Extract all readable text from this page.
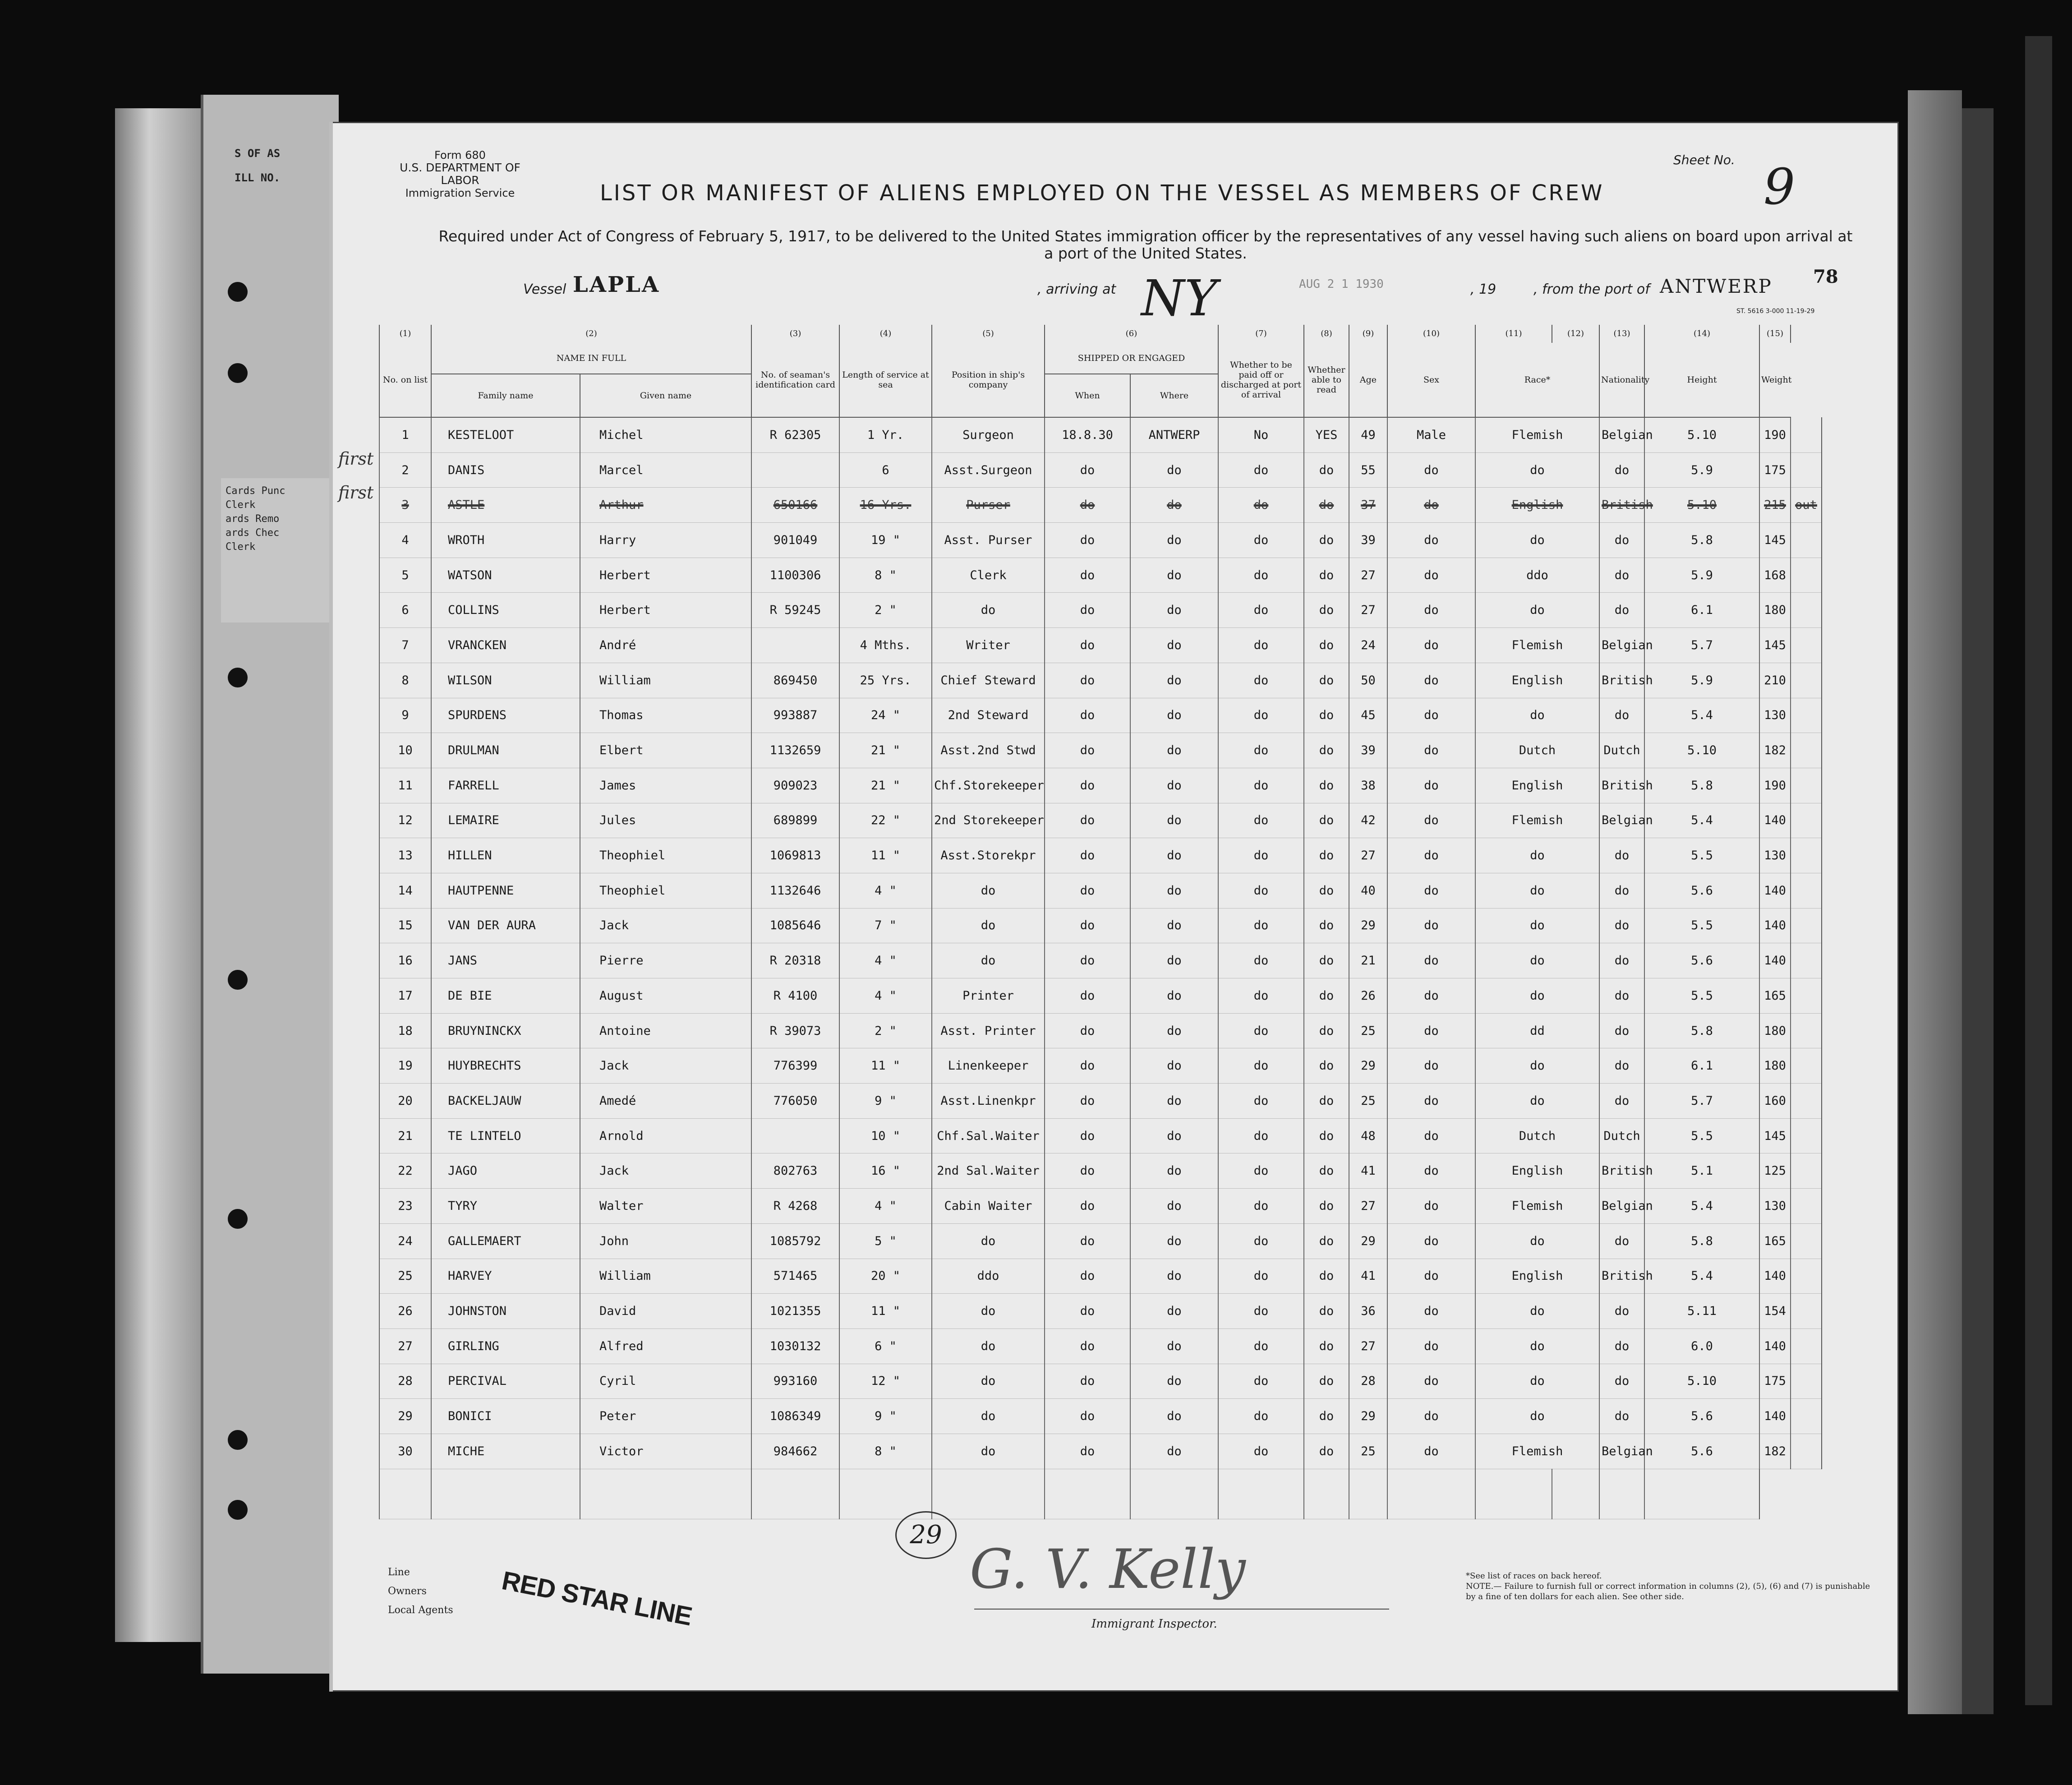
S OF AS
ILL NO.
Cards Punc
Clerk
ards Remo
ards Chec
Clerk
Form 680
U.S. DEPARTMENT OF LABOR
Immigration Service	LIST OR MANIFEST OF ALIENS EMPLOYED ON THE VESSEL AS MEMBERS OF CREW
Sheet No. 9
Required under Act of Congress of February 5, 1917, to be delivered to the United States immigration officer by the representatives of any vessel having such aliens on board upon arrival at a port of the United States.
Vessel LAPLA	, arriving at NY	AUG 2 1 1930	, 19	, from the port of ANTWERP 78
ST. 5616 3-000 11-19-29
(1)	(2)		(3)	(4)	(5)	(6)		(7)	(8)	(9)	(10)	(11)	(12)	(13)	(14)	(15)	
No. on list	NAME IN FULL		No. of seaman's identification card	Length of service at sea	Position in ship's company	SHIPPED OR ENGAGED		Whether to be paid off or discharged at port of arrival	Whether able to read	Age	Sex	Race*		Nationality	Height	Weight	
	Family name	Given name				When	Where										
1	KESTELOOT	Michel	R 62305	1 Yr.	Surgeon	18.8.30	ANTWERP	No	YES	49	Male	Flemish		Belgian	5.10	190	
2	DANIS	Marcel		6	Asst.Surgeon	do	do	do	do	55	do	do		do	5.9	175	
3	ASTLE	Arthur	650166	16 Yrs.	Purser	do	do	do	do	37	do	English		British	5.10	215	out
4	WROTH	Harry	901049	19 "	Asst. Purser	do	do	do	do	39	do	do		do	5.8	145	
5	WATSON	Herbert	1100306	8 "	Clerk	do	do	do	do	27	do	ddo		do	5.9	168	
6	COLLINS	Herbert	R 59245	2 "	do	do	do	do	do	27	do	do		do	6.1	180	
7	VRANCKEN	André		4 Mths.	Writer	do	do	do	do	24	do	Flemish		Belgian	5.7	145	
8	WILSON	William	869450	25 Yrs.	Chief Steward	do	do	do	do	50	do	English		British	5.9	210	
9	SPURDENS	Thomas	993887	24 "	2nd Steward	do	do	do	do	45	do	do		do	5.4	130	
10	DRULMAN	Elbert	1132659	21 "	Asst.2nd Stwd	do	do	do	do	39	do	Dutch		Dutch	5.10	182	
11	FARRELL	James	909023	21 "	Chf.Storekeeper	do	do	do	do	38	do	English		British	5.8	190	
12	LEMAIRE	Jules	689899	22 "	2nd Storekeeper	do	do	do	do	42	do	Flemish		Belgian	5.4	140	
13	HILLEN	Theophiel	1069813	11 "	Asst.Storekpr	do	do	do	do	27	do	do		do	5.5	130	
14	HAUTPENNE	Theophiel	1132646	4 "	do	do	do	do	do	40	do	do		do	5.6	140	
15	VAN DER AURA	Jack	1085646	7 "	do	do	do	do	do	29	do	do		do	5.5	140	
16	JANS	Pierre	R 20318	4 "	do	do	do	do	do	21	do	do		do	5.6	140	
17	DE BIE	August	R 4100	4 "	Printer	do	do	do	do	26	do	do		do	5.5	165	
18	BRUYNINCKX	Antoine	R 39073	2 "	Asst. Printer	do	do	do	do	25	do	dd		do	5.8	180	
19	HUYBRECHTS	Jack	776399	11 "	Linenkeeper	do	do	do	do	29	do	do		do	6.1	180	
20	BACKELJAUW	Amedé	776050	9 "	Asst.Linenkpr	do	do	do	do	25	do	do		do	5.7	160	
21	TE LINTELO	Arnold		10 "	Chf.Sal.Waiter	do	do	do	do	48	do	Dutch		Dutch	5.5	145	
22	JAGO	Jack	802763	16 "	2nd Sal.Waiter	do	do	do	do	41	do	English		British	5.1	125	
23	TYRY	Walter	R 4268	4 "	Cabin Waiter	do	do	do	do	27	do	Flemish		Belgian	5.4	130	
24	GALLEMAERT	John	1085792	5 "	do	do	do	do	do	29	do	do		do	5.8	165	
25	HARVEY	William	571465	20 "	ddo	do	do	do	do	41	do	English		British	5.4	140	
26	JOHNSTON	David	1021355	11 "	do	do	do	do	do	36	do	do		do	5.11	154	
27	GIRLING	Alfred	1030132	6 "	do	do	do	do	do	27	do	do		do	6.0	140	
28	PERCIVAL	Cyril	993160	12 "	do	do	do	do	do	28	do	do		do	5.10	175	
29	BONICI	Peter	1086349	9 "	do	do	do	do	do	29	do	do		do	5.6	140	
30	MICHE	Victor	984662	8 "	do	do	do	do	do	25	do	Flemish		Belgian	5.6	182	

first
first
29
Line
Owners
Local Agents RED STAR LINE	G. V. Kelly
Immigrant Inspector.
*See list of races on back hereof.
NOTE.— Failure to furnish full or correct information in columns (2), (5), (6) and (7) is punishable by a fine of ten dollars for each alien. See other side.
